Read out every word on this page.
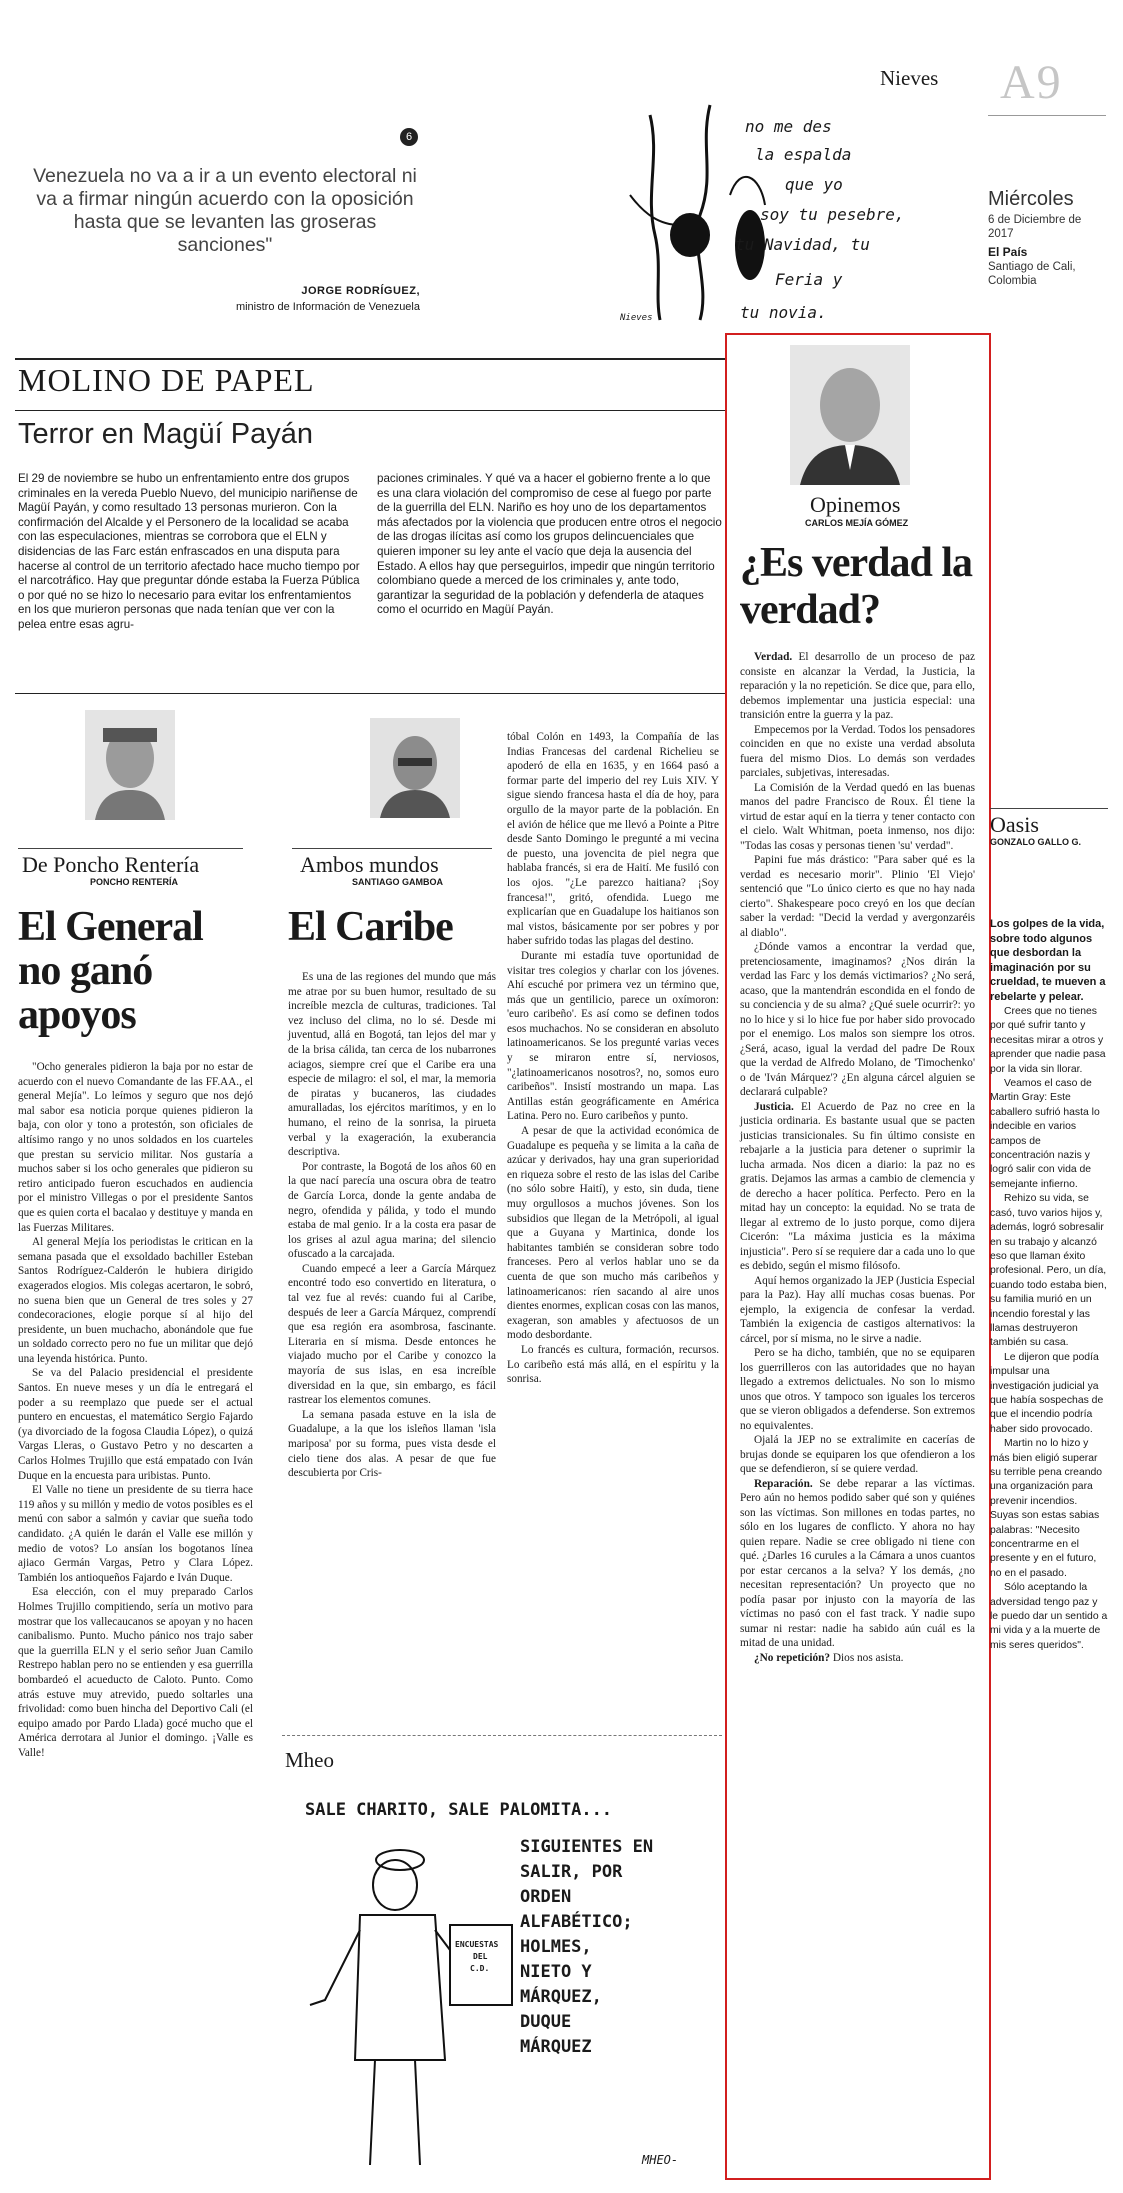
6
Venezuela no va a ir a un evento electoral ni va a firmar ningún acuerdo con la oposición hasta que se levanten las groseras sanciones"
JORGE RODRÍGUEZ,
ministro de Información de Venezuela
Nieves
no me des
la espalda
que yo
soy tu pesebre,
tu Navidad, tu
Feria y
tu novia.
Nieves A9
Miércoles
6 de Diciembre de 2017
El País
Santiago de Cali, Colombia
MOLINO DE PAPEL
Terror en Magüí Payán
El 29 de noviembre se hubo un enfrentamiento entre dos grupos criminales en la vereda Pueblo Nuevo, del municipio nariñense de Magüí Payán, y como resultado 13 personas murieron. Con la confirmación del Alcalde y el Personero de la localidad se acaba con las especulaciones, mientras se corrobora que el ELN y disidencias de las Farc están enfrascados en una disputa para hacerse al control de un territorio afectado hace mucho tiempo por el narcotráfico. Hay que preguntar dónde estaba la Fuerza Pública o por qué no se hizo lo necesario para evitar los enfrentamientos en los que murieron personas que nada tenían que ver con la pelea entre esas agru-
paciones criminales. Y qué va a hacer el gobierno frente a lo que es una clara violación del compromiso de cese al fuego por parte de la guerrilla del ELN. Nariño es hoy uno de los departamentos más afectados por la violencia que producen entre otros el negocio de las drogas ilícitas así como los grupos delincuenciales que quieren imponer su ley ante el vacío que deja la ausencia del Estado. A ellos hay que perseguirlos, impedir que ningún territorio colombiano quede a merced de los criminales y, ante todo, garantizar la seguridad de la población y defenderla de ataques como el ocurrido en Magüí Payán.
De Poncho Rentería
PONCHO RENTERÍA
El General no ganó apoyos

"Ocho generales pidieron la baja por no estar de acuerdo con el nuevo Comandante de las FF.AA., el general Mejía". Lo leímos y seguro que nos dejó mal sabor esa noticia porque quienes pidieron la baja, con olor y tono a protestón, son oficiales de altísimo rango y no unos soldados en los cuarteles que prestan su servicio militar. Nos gustaría a muchos saber si los ocho generales que pidieron su retiro anticipado fueron escuchados en audiencia por el ministro Villegas o por el presidente Santos que es quien corta el bacalao y destituye y manda en las Fuerzas Militares.

Al general Mejía los periodistas le critican en la semana pasada que el exsoldado bachiller Esteban Santos Rodríguez-Calderón le hubiera dirigido exagerados elogios. Mis colegas acertaron, le sobró, no suena bien que un General de tres soles y 27 condecoraciones, elogie porque sí al hijo del presidente, un buen muchacho, abonándole que fue un soldado correcto pero no fue un militar que dejó una leyenda histórica. Punto.

Se va del Palacio presidencial el presidente Santos. En nueve meses y un día le entregará el poder a su reemplazo que puede ser el actual puntero en encuestas, el matemático Sergio Fajardo (ya divorciado de la fogosa Claudia López), o quizá Vargas Lleras, o Gustavo Petro y no descarten a Carlos Holmes Trujillo que está empatado con Iván Duque en la encuesta para uribistas. Punto.

El Valle no tiene un presidente de su tierra hace 119 años y su millón y medio de votos posibles es el menú con sabor a salmón y caviar que sueña todo candidato. ¿A quién le darán el Valle ese millón y medio de votos? Lo ansían los bogotanos línea ajiaco Germán Vargas, Petro y Clara López. También los antioqueños Fajardo e Iván Duque.

Esa elección, con el muy preparado Carlos Holmes Trujillo compitiendo, sería un motivo para mostrar que los vallecaucanos se apoyan y no hacen canibalismo. Punto. Mucho pánico nos trajo saber que la guerrilla ELN y el serio señor Juan Camilo Restrepo hablan pero no se entienden y esa guerrilla bombardeó el acueducto de Caloto. Punto. Como atrás estuve muy atrevido, puedo soltarles una frivolidad: como buen hincha del Deportivo Cali (el equipo amado por Pardo Llada) gocé mucho que el América derrotara al Junior el domingo. ¡Valle es Valle!

Ambos mundos
SANTIAGO GAMBOA
El Caribe

Es una de las regiones del mundo que más me atrae por su buen humor, resultado de su increíble mezcla de culturas, tradiciones. Tal vez incluso del clima, no lo sé. Desde mi juventud, allá en Bogotá, tan lejos del mar y de la brisa cálida, tan cerca de los nubarrones aciagos, siempre creí que el Caribe era una especie de milagro: el sol, el mar, la memoria de piratas y bucaneros, las ciudades amuralladas, los ejércitos marítimos, y en lo humano, el reino de la sonrisa, la pirueta verbal y la exageración, la exuberancia descriptiva.

Por contraste, la Bogotá de los años 60 en la que nací parecía una oscura obra de teatro de García Lorca, donde la gente andaba de negro, ofendida y pálida, y todo el mundo estaba de mal genio. Ir a la costa era pasar de los grises al azul agua marina; del silencio ofuscado a la carcajada.

Cuando empecé a leer a García Márquez encontré todo eso convertido en literatura, o tal vez fue al revés: cuando fui al Caribe, después de leer a García Márquez, comprendí que esa región era asombrosa, fascinante. Literaria en sí misma. Desde entonces he viajado mucho por el Caribe y conozco la mayoría de sus islas, en esa increíble diversidad en la que, sin embargo, es fácil rastrear los elementos comunes.

La semana pasada estuve en la isla de Guadalupe, a la que los isleños llaman 'isla mariposa' por su forma, pues vista desde el cielo tiene dos alas. A pesar de que fue descubierta por Cris-

tóbal Colón en 1493, la Compañía de las Indias Francesas del cardenal Richelieu se apoderó de ella en 1635, y en 1664 pasó a formar parte del imperio del rey Luis XIV. Y sigue siendo francesa hasta el día de hoy, para orgullo de la mayor parte de la población. En el avión de hélice que me llevó a Pointe a Pitre desde Santo Domingo le pregunté a mi vecina de puesto, una jovencita de piel negra que hablaba francés, si era de Haití. Me fusiló con los ojos. "¿Le parezco haitiana? ¡Soy francesa!", gritó, ofendida. Luego me explicarían que en Guadalupe los haitianos son mal vistos, básicamente por ser pobres y por haber sufrido todas las plagas del destino.

Durante mi estadía tuve oportunidad de visitar tres colegios y charlar con los jóvenes. Ahí escuché por primera vez un término que, más que un gentilicio, parece un oxímoron: 'euro caribeño'. Es así como se definen todos esos muchachos. No se consideran en absoluto latinoamericanos. Se los pregunté varias veces y se miraron entre sí, nerviosos, "¿latinoamericanos nosotros?, no, somos euro caribeños". Insistí mostrando un mapa. Las Antillas están geográficamente en América Latina. Pero no. Euro caribeños y punto.

A pesar de que la actividad económica de Guadalupe es pequeña y se limita a la caña de azúcar y derivados, hay una gran superioridad en riqueza sobre el resto de las islas del Caribe (no sólo sobre Haití), y esto, sin duda, tiene muy orgullosos a muchos jóvenes. Son los subsidios que llegan de la Metrópoli, al igual que a Guyana y Martinica, donde los habitantes también se consideran sobre todo franceses. Pero al verlos hablar uno se da cuenta de que son mucho más caribeños y latinoamericanos: ríen sacando al aire unos dientes enormes, explican cosas con las manos, exageran, son amables y afectuosos de un modo desbordante.

Lo francés es cultura, formación, recursos. Lo caribeño está más allá, en el espíritu y la sonrisa.

Mheo
SALE CHARITO, SALE PALOMITA...
ENCUESTAS
DEL
C.D.
SIGUIENTES EN
SALIR, POR
ORDEN
ALFABÉTICO;
HOLMES,
NIETO Y
MÁRQUEZ,
DUQUE
MÁRQUEZ
MHEO-
Opinemos
CARLOS MEJÍA GÓMEZ
¿Es verdad la verdad?

Verdad. El desarrollo de un proceso de paz consiste en alcanzar la Verdad, la Justicia, la reparación y la no repetición. Se dice que, para ello, debemos implementar una justicia especial: una transición entre la guerra y la paz.

Empecemos por la Verdad. Todos los pensadores coinciden en que no existe una verdad absoluta fuera del mismo Dios. Lo demás son verdades parciales, subjetivas, interesadas.

La Comisión de la Verdad quedó en las buenas manos del padre Francisco de Roux. Él tiene la virtud de estar aquí en la tierra y tener contacto con el cielo. Walt Whitman, poeta inmenso, nos dijo: "Todas las cosas y personas tienen 'su' verdad".

Papini fue más drástico: "Para saber qué es la verdad es necesario morir". Plinio 'El Viejo' sentenció que "Lo único cierto es que no hay nada cierto". Shakespeare poco creyó en los que decían saber la verdad: "Decid la verdad y avergonzaréis al diablo".

¿Dónde vamos a encontrar la verdad que, pretenciosamente, imaginamos? ¿Nos dirán la verdad las Farc y los demás victimarios? ¿No será, acaso, que la mantendrán escondida en el fondo de su conciencia y de su alma? ¿Qué suele ocurrir?: yo no lo hice y si lo hice fue por haber sido provocado por el enemigo. Los malos son siempre los otros. ¿Será, acaso, igual la verdad del padre De Roux que la verdad de Alfredo Molano, de 'Timochenko' o de 'Iván Márquez'? ¿En alguna cárcel alguien se declarará culpable?

Justicia. El Acuerdo de Paz no cree en la justicia ordinaria. Es bastante usual que se pacten justicias transicionales. Su fin último consiste en rebajarle a la justicia para detener o suprimir la lucha armada. Nos dicen a diario: la paz no es gratis. Dejamos las armas a cambio de clemencia y de derecho a hacer política. Perfecto. Pero en la mitad hay un concepto: la equidad. No se trata de llegar al extremo de lo justo porque, como dijera Cicerón: "La máxima justicia es la máxima injusticia". Pero sí se requiere dar a cada uno lo que es debido, según el mismo filósofo.

Aquí hemos organizado la JEP (Justicia Especial para la Paz). Hay allí muchas cosas buenas. Por ejemplo, la exigencia de confesar la verdad. También la exigencia de castigos alternativos: la cárcel, por sí misma, no le sirve a nadie.

Pero se ha dicho, también, que no se equiparen los guerrilleros con las autoridades que no hayan llegado a extremos delictuales. No son lo mismo unos que otros. Y tampoco son iguales los terceros que se vieron obligados a defenderse. Son extremos no equivalentes.

Ojalá la JEP no se extralimite en cacerías de brujas donde se equiparen los que ofendieron a los que se defendieron, sí se quiere verdad.

Reparación. Se debe reparar a las víctimas. Pero aún no hemos podido saber qué son y quiénes son las víctimas. Son millones en todas partes, no sólo en los lugares de conflicto. Y ahora no hay quien repare. Nadie se cree obligado ni tiene con qué. ¿Darles 16 curules a la Cámara a unos cuantos por estar cercanos a la selva? Y los demás, ¿no necesitan representación? Un proyecto que no podía pasar por injusto con la mayoría de las víctimas no pasó con el fast track. Y nadie supo sumar ni restar: nadie ha sabido aún cuál es la mitad de una unidad.

¿No repetición? Dios nos asista.

Oasis
GONZALO GALLO G.
Los golpes de la vida, sobre todo algunos que desbordan la imaginación por su crueldad, te mueven a rebelarte y pelear.

Crees que no tienes por qué sufrir tanto y necesitas mirar a otros y aprender que nadie pasa por la vida sin llorar.

Veamos el caso de Martin Gray: Este caballero sufrió hasta lo indecible en varios campos de concentración nazis y logró salir con vida de semejante infierno.

Rehizo su vida, se casó, tuvo varios hijos y, además, logró sobresalir en su trabajo y alcanzó eso que llaman éxito profesional. Pero, un día, cuando todo estaba bien, su familia murió en un incendio forestal y las llamas destruyeron también su casa.

Le dijeron que podía impulsar una investigación judicial ya que había sospechas de que el incendio podría haber sido provocado.

Martin no lo hizo y más bien eligió superar su terrible pena creando una organización para prevenir incendios. Suyas son estas sabias palabras: "Necesito concentrarme en el presente y en el futuro, no en el pasado.

Sólo aceptando la adversidad tengo paz y le puedo dar un sentido a mi vida y a la muerte de mis seres queridos".
